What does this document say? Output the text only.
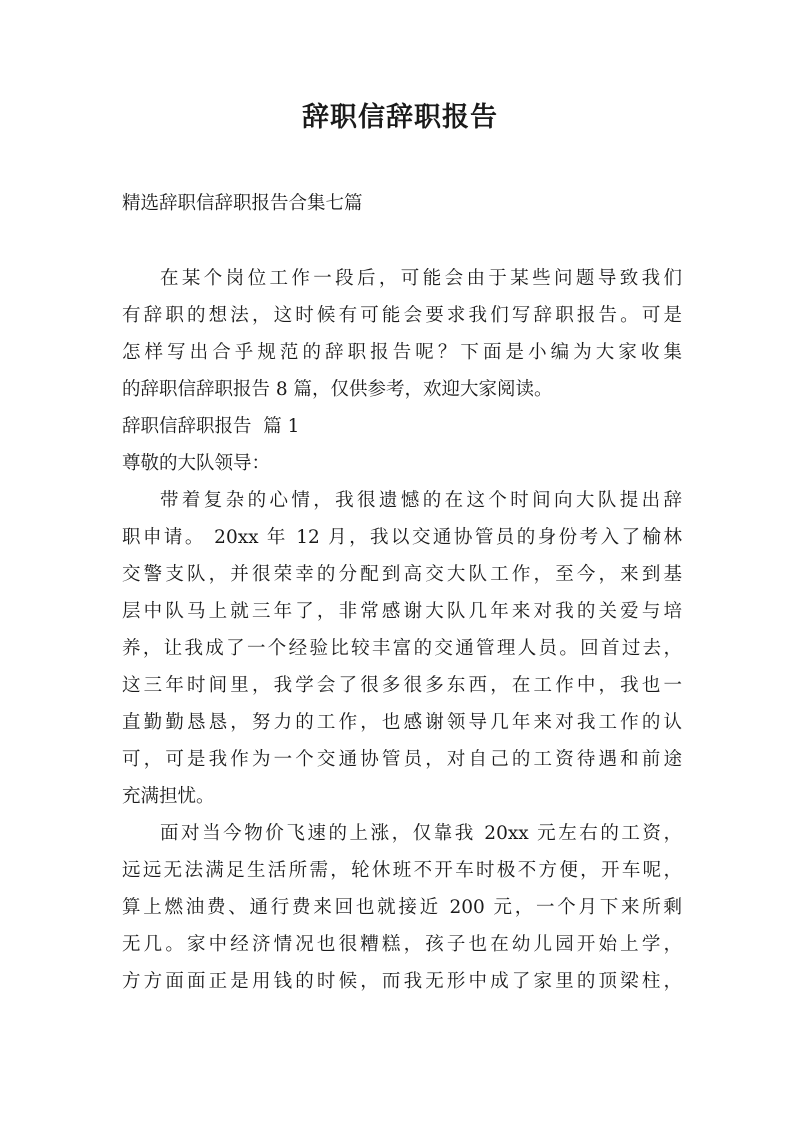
辞职信辞职报告
精选辞职信辞职报告合集七篇
在某个岗位工作一段后，可能会由于某些问题导致我们
有辞职的想法，这时候有可能会要求我们写辞职报告。可是
怎样写出合乎规范的辞职报告呢？下面是小编为大家收集
的辞职信辞职报告 8 篇，仅供参考，欢迎大家阅读。
辞职信辞职报告  篇 1
尊敬的大队领导：
带着复杂的心情，我很遗憾的在这个时间向大队提出辞
职申请。 20xx 年 12 月，我以交通协管员的身份考入了榆林
交警支队，并很荣幸的分配到高交大队工作，至今，来到基
层中队马上就三年了，非常感谢大队几年来对我的关爱与培
养，让我成了一个经验比较丰富的交通管理人员。回首过去，
这三年时间里，我学会了很多很多东西，在工作中，我也一
直勤勤恳恳，努力的工作，也感谢领导几年来对我工作的认
可，可是我作为一个交通协管员，对自己的工资待遇和前途
充满担忧。
面对当今物价飞速的上涨，仅靠我 20xx 元左右的工资，
远远无法满足生活所需，轮休班不开车时极不方便，开车呢，
算上燃油费、通行费来回也就接近 200 元，一个月下来所剩
无几。家中经济情况也很糟糕，孩子也在幼儿园开始上学，
方方面面正是用钱的时候，而我无形中成了家里的顶梁柱，
